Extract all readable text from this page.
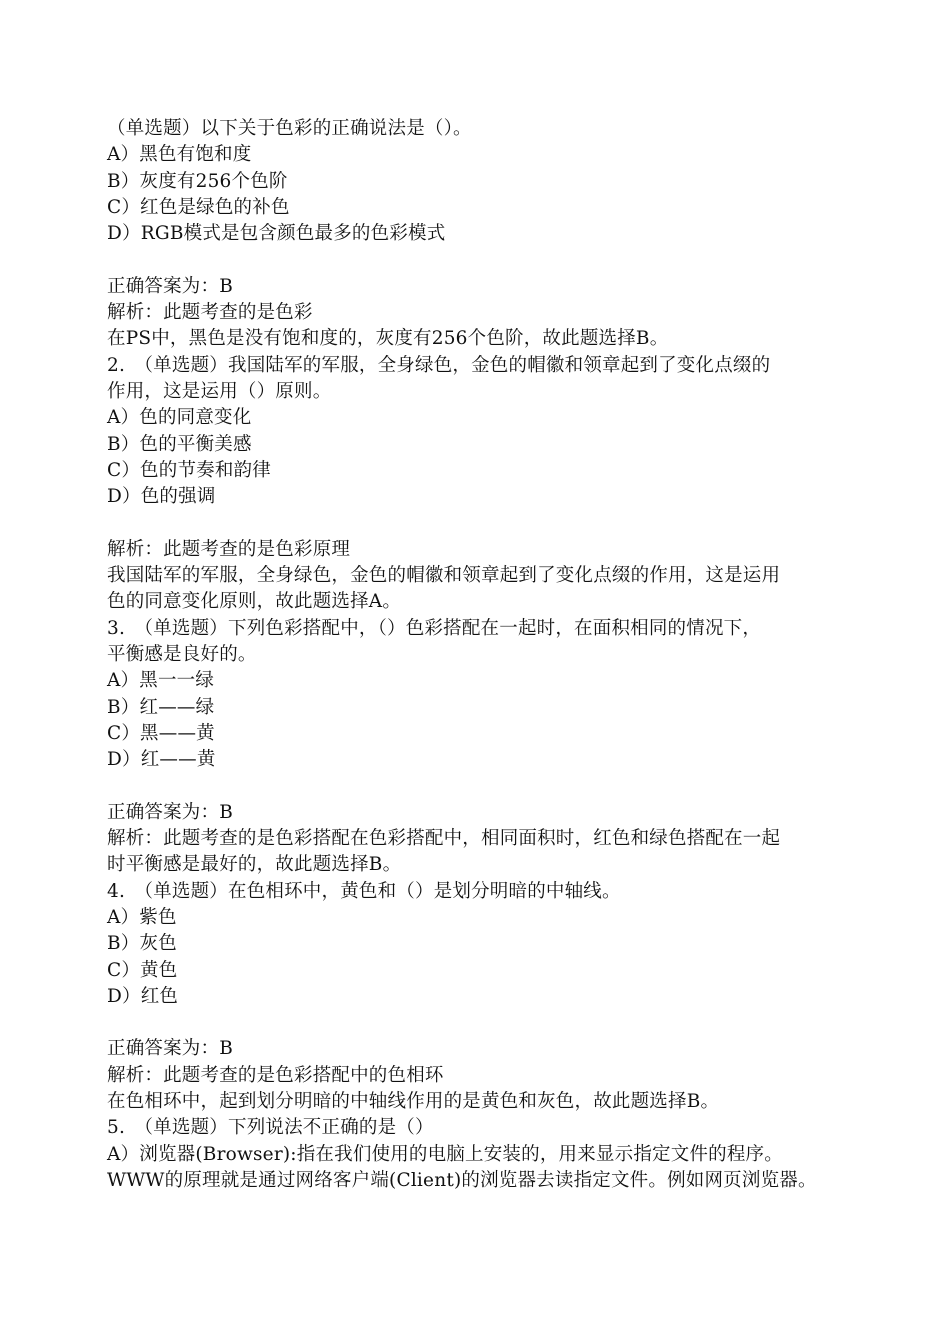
（单选题）以下关于色彩的正确说法是（）。
A）黑色有饱和度
B）灰度有256个色阶
C）红色是绿色的补色
D）RGB模式是包含颜色最多的色彩模式
正确答案为：B
解析：此题考查的是色彩
在PS中，黑色是没有饱和度的，灰度有256个色阶，故此题选择B。
2.　（单选题）我国陆军的军服，全身绿色，金色的帽徽和领章起到了变化点缀的
作用，这是运用（）原则。
A）色的同意变化
B）色的平衡美感
C）色的节奏和韵律
D）色的强调
解析：此题考查的是色彩原理
我国陆军的军服，全身绿色，金色的帽徽和领章起到了变化点缀的作用，这是运用
色的同意变化原则，故此题选择A。
3.　（单选题）下列色彩搭配中，（）色彩搭配在一起时，在面积相同的情况下，
平衡感是良好的。
A）黑一一绿
B）红——绿
C）黑——黄
D）红——黄
正确答案为：B
解析：此题考查的是色彩搭配在色彩搭配中，相同面积时，红色和绿色搭配在一起
时平衡感是最好的，故此题选择B。
4.　（单选题）在色相环中，黄色和（）是划分明暗的中轴线。
A）紫色
B）灰色
C）黄色
D）红色
正确答案为：B
解析：此题考查的是色彩搭配中的色相环
在色相环中，起到划分明暗的中轴线作用的是黄色和灰色，故此题选择B。
5.　（单选题）下列说法不正确的是（）
A）浏览器(Browser):指在我们使用的电脑上安装的，用来显示指定文件的程序。
WWW的原理就是通过网络客户端(Client)的浏览器去读指定文件。例如网页浏览器。
